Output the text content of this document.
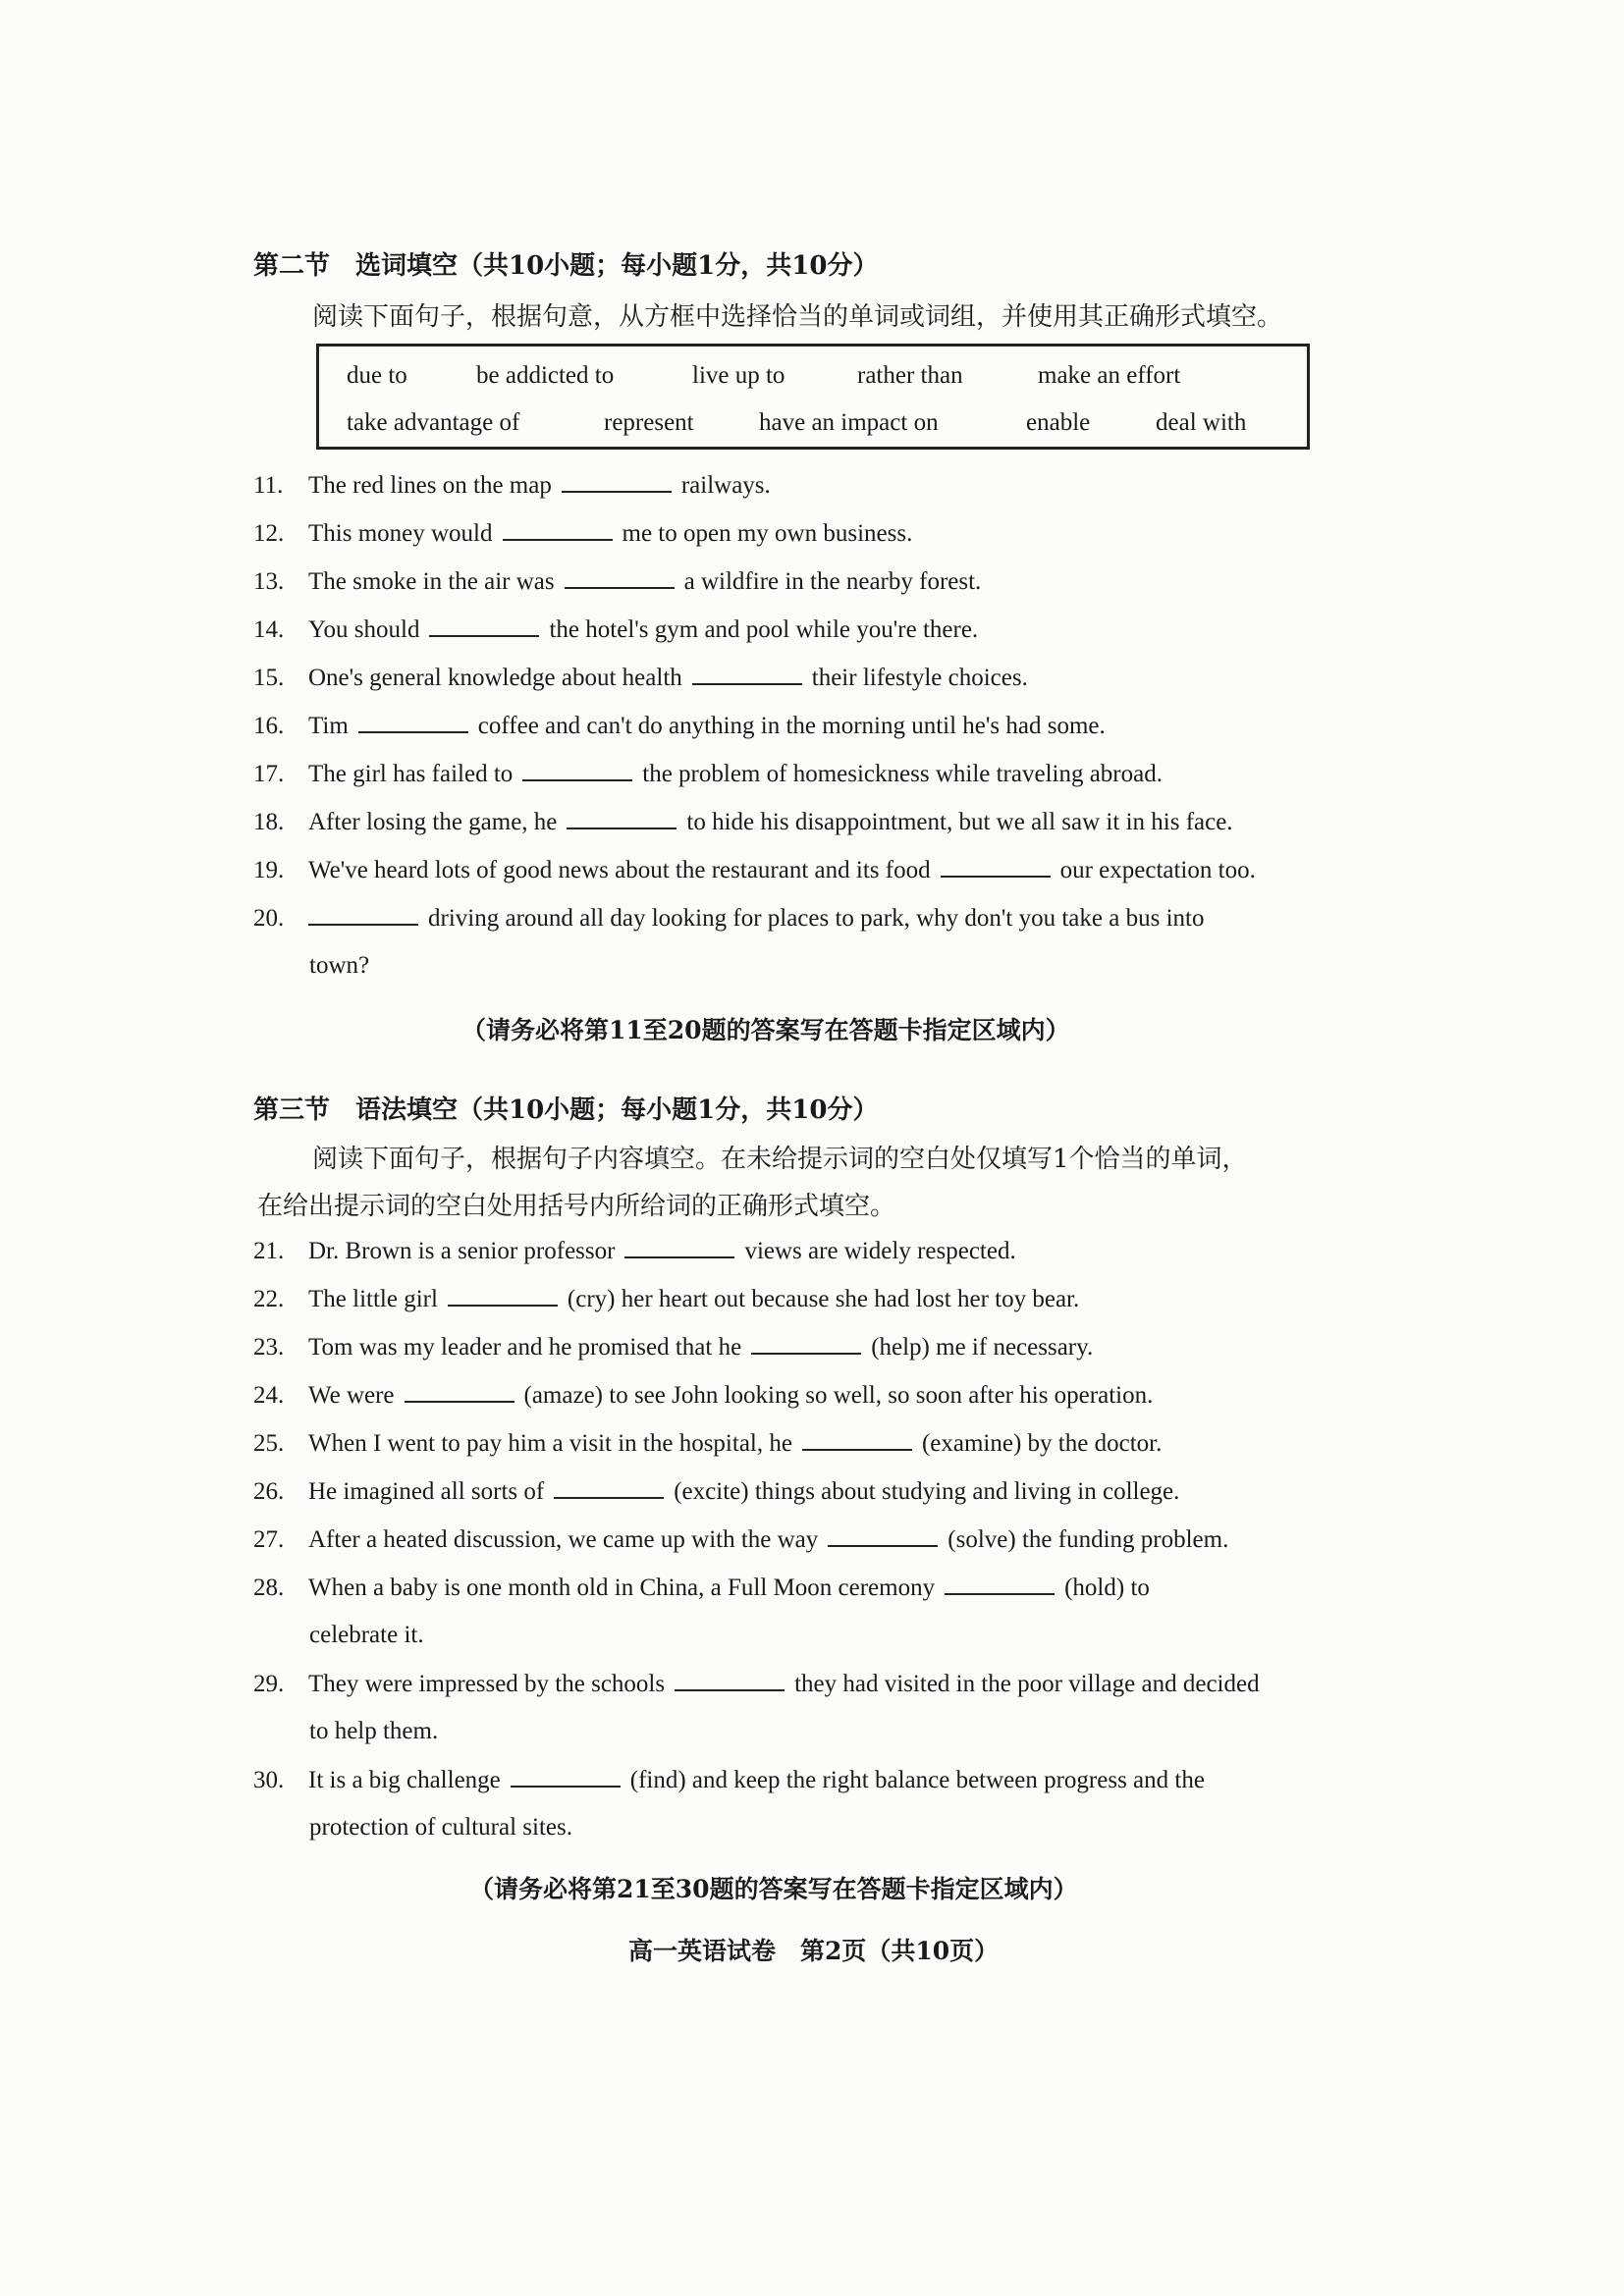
第二节　选词填空（共10小题；每小题1分，共10分）
阅读下面句子，根据句意，从方框中选择恰当的单词或词组，并使用其正确形式填空。
due to	be addicted to	live up to	rather than	make an effort
take advantage of	represent	have an impact on	enable	deal with
11. The red lines on the map	railways.
12. This money would	me to open my own business.
13. The smoke in the air was	a wildfire in the nearby forest.
14. You should	the hotel's gym and pool while you're there.
15. One's general knowledge about health	their lifestyle choices.
16. Tim	coffee and can't do anything in the morning until he's had some.
17. The girl has failed to	the problem of homesickness while traveling abroad.
18. After losing the game, he	to hide his disappointment, but we all saw it in his face.
19. We've heard lots of good news about the restaurant and its food	our expectation too.
20.	driving around all day looking for places to park, why don't you take a bus into
town?
（请务必将第11至20题的答案写在答题卡指定区域内）
第三节　语法填空（共10小题；每小题1分，共10分）
阅读下面句子，根据句子内容填空。在未给提示词的空白处仅填写1个恰当的单词，
在给出提示词的空白处用括号内所给词的正确形式填空。
21. Dr. Brown is a senior professor	views are widely respected.
22. The little girl	(cry) her heart out because she had lost her toy bear.
23. Tom was my leader and he promised that he	(help) me if necessary.
24. We were	(amaze) to see John looking so well, so soon after his operation.
25. When I went to pay him a visit in the hospital, he	(examine) by the doctor.
26. He imagined all sorts of	(excite) things about studying and living in college.
27. After a heated discussion, we came up with the way	(solve) the funding problem.
28. When a baby is one month old in China, a Full Moon ceremony	(hold) to
celebrate it.
29. They were impressed by the schools	they had visited in the poor village and decided
to help them.
30. It is a big challenge	(find) and keep the right balance between progress and the
protection of cultural sites.
（请务必将第21至30题的答案写在答题卡指定区域内）
高一英语试卷　第2页（共10页）
